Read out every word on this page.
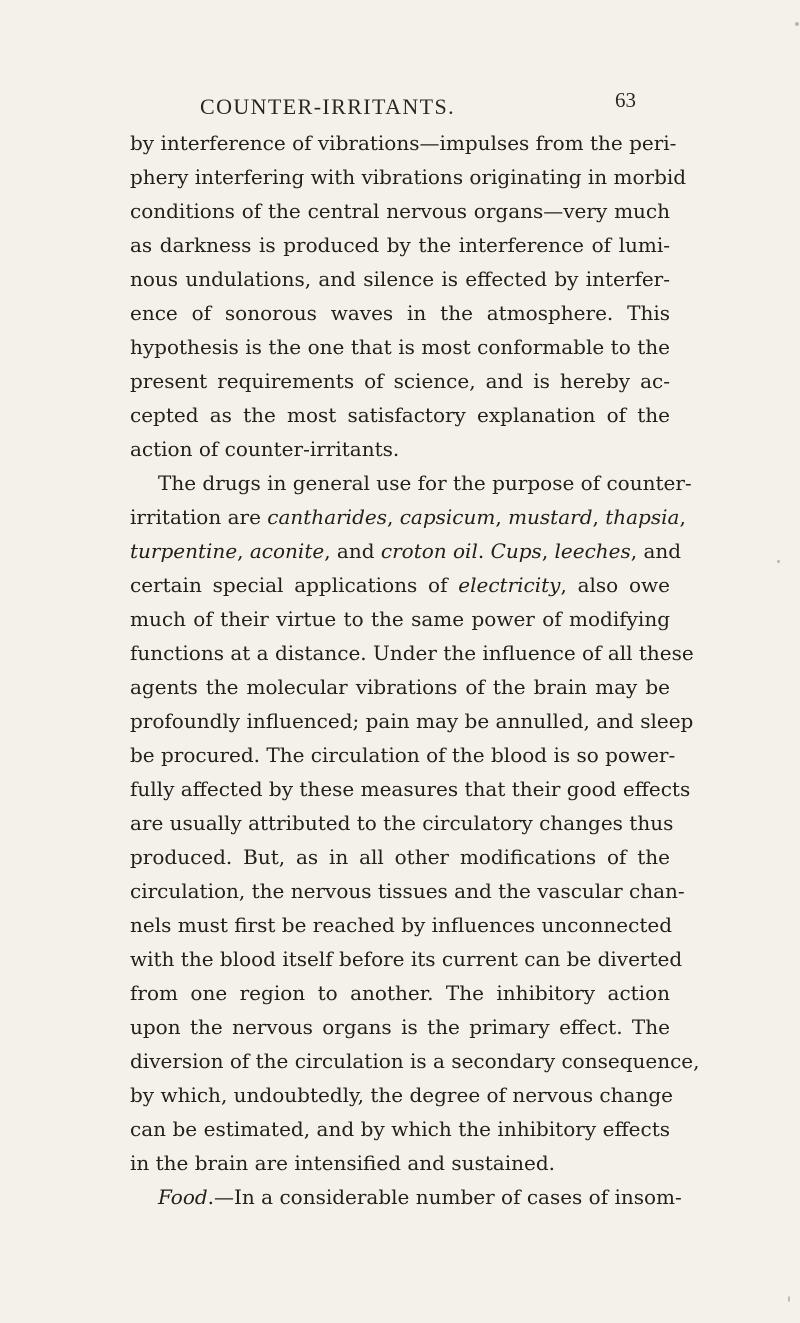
COUNTER-IRRITANTS.	63
by interference of vibrations—impulses from the peri-
phery interfering with vibrations originating in morbid
conditions of the central nervous organs—very much
as darkness is produced by the interference of lumi-
nous undulations, and silence is effected by interfer-
ence of sonorous waves in the atmosphere. This
hypothesis is the one that is most conformable to the
present requirements of science, and is hereby ac-
cepted as the most satisfactory explanation of the
action of counter-irritants.
The drugs in general use for the purpose of counter-
irritation are cantharides, capsicum, mustard, thapsia,
turpentine, aconite, and croton oil. Cups, leeches, and
certain special applications of electricity, also owe
much of their virtue to the same power of modifying
functions at a distance. Under the influence of all these
agents the molecular vibrations of the brain may be
profoundly influenced; pain may be annulled, and sleep
be procured. The circulation of the blood is so power-
fully affected by these measures that their good effects
are usually attributed to the circulatory changes thus
produced. But, as in all other modifications of the
circulation, the nervous tissues and the vascular chan-
nels must first be reached by influences unconnected
with the blood itself before its current can be diverted
from one region to another. The inhibitory action
upon the nervous organs is the primary effect. The
diversion of the circulation is a secondary consequence,
by which, undoubtedly, the degree of nervous change
can be estimated, and by which the inhibitory effects
in the brain are intensified and sustained.
Food.—In a considerable number of cases of insom-
